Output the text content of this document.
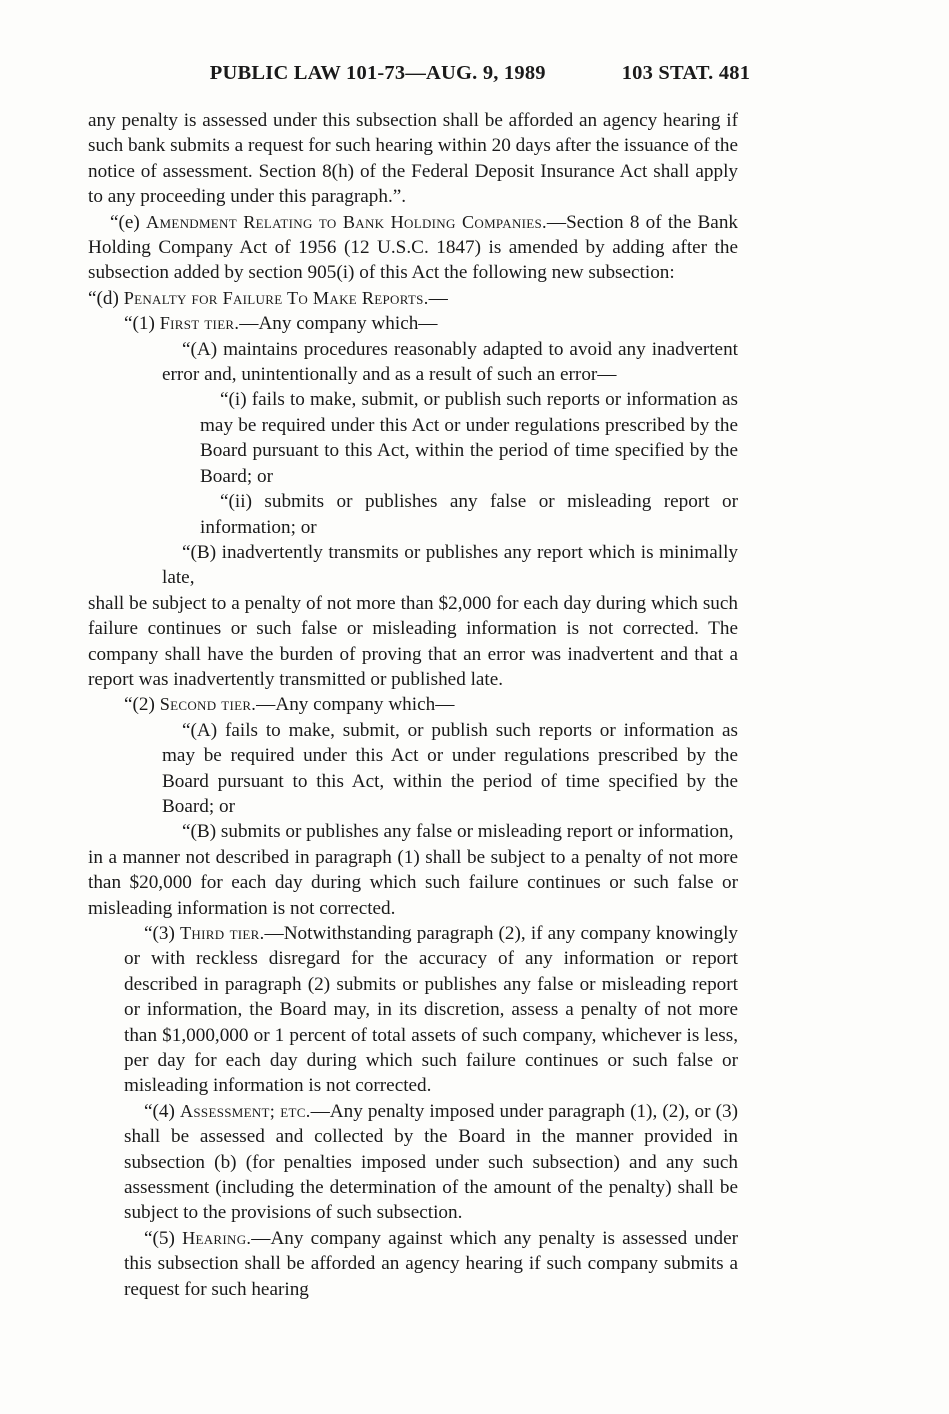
PUBLIC LAW 101-73—AUG. 9, 1989	103 STAT. 481

any penalty is assessed under this subsection shall be afforded an agency hearing if such bank submits a request for such hearing within 20 days after the issuance of the notice of assessment. Section 8(h) of the Federal Deposit Insurance Act shall apply to any proceeding under this paragraph.”.

“(e) Amendment Relating to Bank Holding Companies.—Section 8 of the Bank Holding Company Act of 1956 (12 U.S.C. 1847) is amended by adding after the subsection added by section 905(i) of this Act the following new subsection:

“(d) Penalty for Failure To Make Reports.—

“(1) First tier.—Any company which—

“(A) maintains procedures reasonably adapted to avoid any inadvertent error and, unintentionally and as a result of such an error—

“(i) fails to make, submit, or publish such reports or information as may be required under this Act or under regulations prescribed by the Board pursuant to this Act, within the period of time specified by the Board; or

“(ii) submits or publishes any false or misleading report or information; or

“(B) inadvertently transmits or publishes any report which is minimally late,

shall be subject to a penalty of not more than $2,000 for each day during which such failure continues or such false or misleading information is not corrected. The company shall have the burden of proving that an error was inadvertent and that a report was inadvertently transmitted or published late.

“(2) Second tier.—Any company which—

“(A) fails to make, submit, or publish such reports or information as may be required under this Act or under regulations prescribed by the Board pursuant to this Act, within the period of time specified by the Board; or

“(B) submits or publishes any false or misleading report or information,

in a manner not described in paragraph (1) shall be subject to a penalty of not more than $20,000 for each day during which such failure continues or such false or misleading information is not corrected.

“(3) Third tier.—Notwithstanding paragraph (2), if any company knowingly or with reckless disregard for the accuracy of any information or report described in paragraph (2) submits or publishes any false or misleading report or information, the Board may, in its discretion, assess a penalty of not more than $1,000,000 or 1 percent of total assets of such company, whichever is less, per day for each day during which such failure continues or such false or misleading information is not corrected.

“(4) Assessment; etc.—Any penalty imposed under paragraph (1), (2), or (3) shall be assessed and collected by the Board in the manner provided in subsection (b) (for penalties imposed under such subsection) and any such assessment (including the determination of the amount of the penalty) shall be subject to the provisions of such subsection.

“(5) Hearing.—Any company against which any penalty is assessed under this subsection shall be afforded an agency hearing if such company submits a request for such hearing
